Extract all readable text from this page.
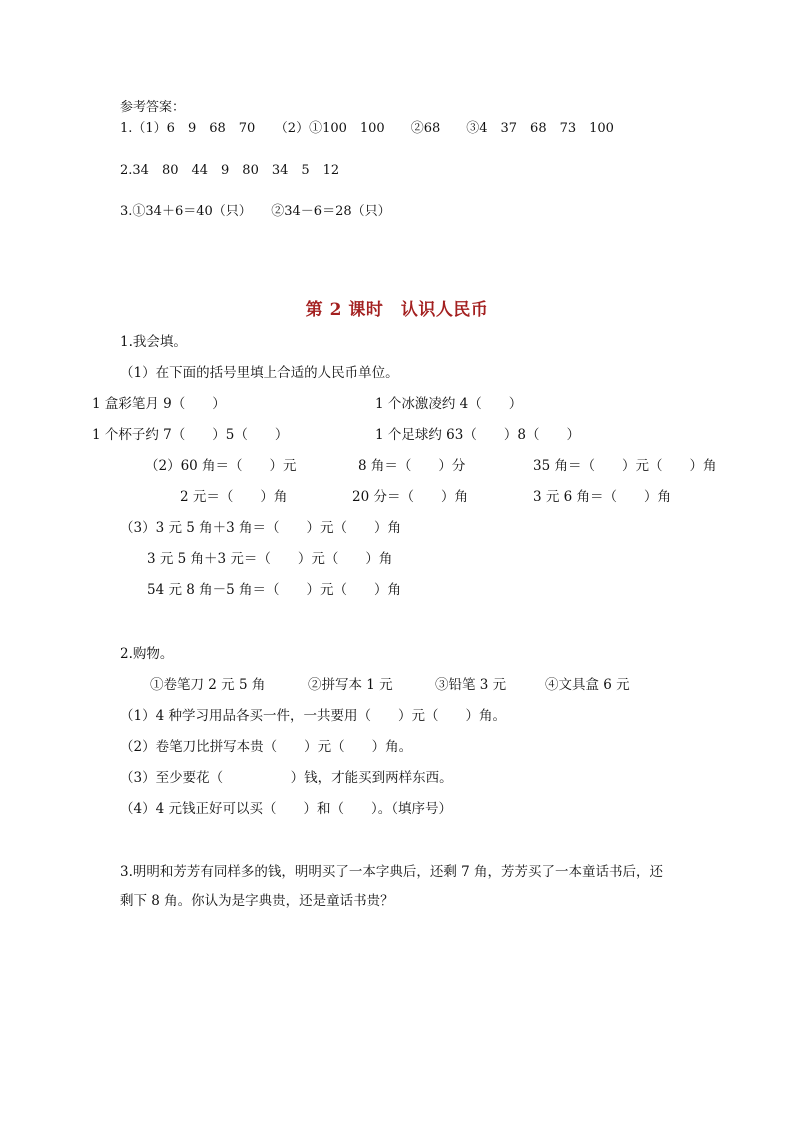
参考答案：
1.（1）6　9　68　70　　（2）①100　100　　②68　　③4　37　68　73　100
2.34　80　44　9　80　34　5　12
3.①34＋6＝40（只）　　②34－6＝28（只）
第 2 课时　认识人民币
1.我会填。
（1）在下面的括号里填上合适的人民币单位。
1 盒彩笔月 9（　　）	1 个冰激凌约 4（　　）
1 个杯子约 7（　　）5（　　）	1 个足球约 63（　　）8（　　）
（2）60 角＝（　　）元	8 角＝（　　）分	35 角＝（　　）元（　　）角
2 元＝（　　）角	20 分＝（　　）角	3 元 6 角＝（　　）角
（3）3 元 5 角＋3 角＝（　　）元（　　）角
3 元 5 角＋3 元＝（　　）元（　　）角
54 元 8 角－5 角＝（　　）元（　　）角
2.购物。
①卷笔刀 2 元 5 角	②拼写本 1 元	③铅笔 3 元	④文具盒 6 元
（1）4 种学习用品各买一件，一共要用（　　）元（　　）角。
（2）卷笔刀比拼写本贵（　　）元（　　）角。
（3）至少要花（　　　　　）钱，才能买到两样东西。
（4）4 元钱正好可以买（　　）和（　　）。（填序号）
3.明明和芳芳有同样多的钱，明明买了一本字典后，还剩 7 角，芳芳买了一本童话书后，还
剩下 8 角。你认为是字典贵，还是童话书贵？
